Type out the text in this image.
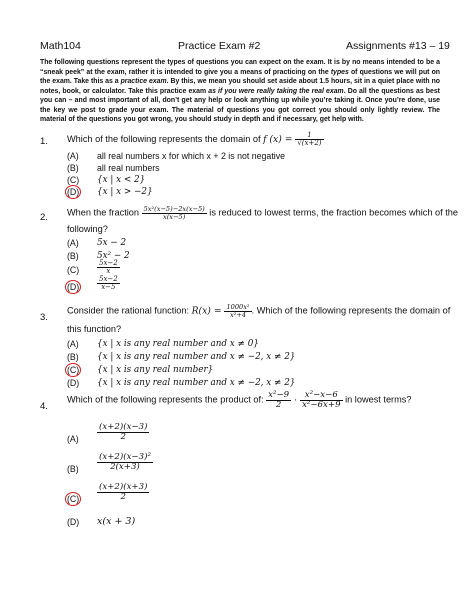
Math104	Practice Exam #2	Assignments #13 – 19
The following questions represent the types of questions you can expect on the exam. It is by no means intended to be a “sneak peek” at the exam, rather it is intended to give you a means of practicing on the types of questions we will put on the exam. Take this as a practice exam. By this, we mean you should set aside about 1.5 hours, sit in a quiet place with no notes, book, or calculator. Take this practice exam as if you were really taking the real exam. Do all the questions as best you can – and most important of all, don’t get any help or look anything up while you’re taking it. Once you’re done, use the key we post to grade your exam. The material of questions you got correct you should only lightly review. The material of the questions you got wrong, you should study in depth and if necessary, get help with.
1. Which of the following represents the domain of f $(x) = \frac{1}{√(x+2)}$
(A) all real numbers x for which x + 2 is not negative
(B) all real numbers
(C) {x | x < 2}
(D) {x | x > −2}
2. When the fraction $\frac{\text{5x²(x−5)−2x(x−5)}}{x(x-5)}$ is reduced to lowest terms, the fraction becomes which of the
following?
(A) 5x − 2
(B) 5x² − 2
(C)	$\frac{5x-2}{x}$
(D)	$\frac{5x-2}{x-5}$
3.
Consider the rational function: $R(x) = \frac{\text{1000x²}}{\text{x²+4}}$ . Which of the following represents the domain of
this function?
(A) {x | x is any real number and x ≠ 0}
(B) {x | x is any real number and x ≠ −2, x ≠ 2}
(C) {x | x is any real number}
(D) {x | x is any real number and x ≠ −2, x ≠ 2}
4.
Which of the following represents the product of: $\frac{\text{x²−9}}{2} \cdot \frac{\text{x²−x−6}}{\text{x²−6x+9}}$ in lowest terms?
$(A) \frac{(x+2)(x-3)}{2}$
$(B) \frac{\text{(x+2)(x−3)²}}{2(x+3)}$
$(C) \frac{(x+2)(x+3)}{2}$
(D) x(x + 3)
